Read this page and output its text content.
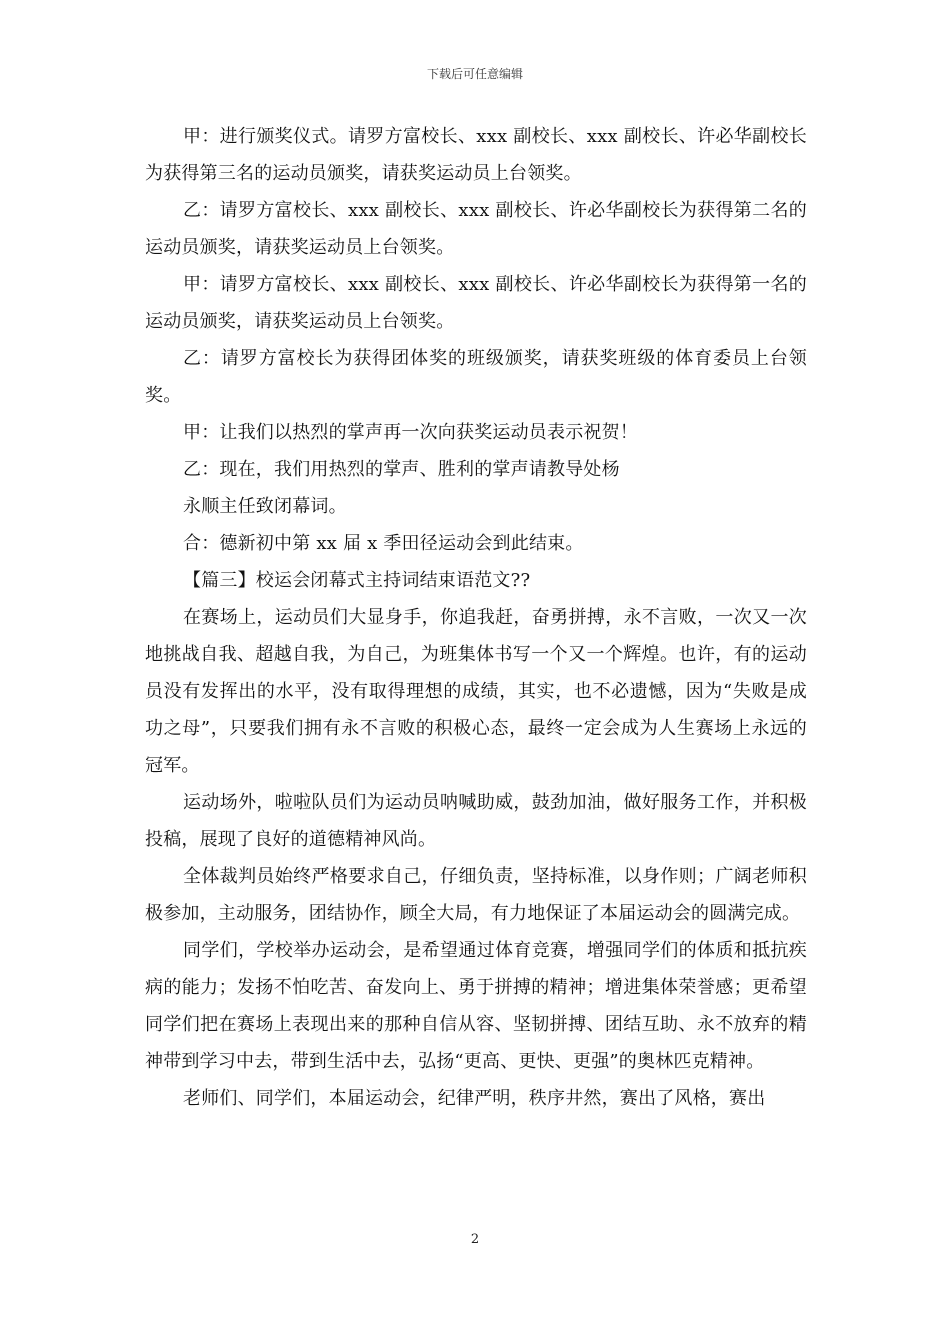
下载后可任意编辑

甲：进行颁奖仪式。请罗方富校长、xxx 副校长、xxx 副校长、许必华副校长为获得第三名的运动员颁奖，请获奖运动员上台领奖。

乙：请罗方富校长、xxx 副校长、xxx 副校长、许必华副校长为获得第二名的运动员颁奖，请获奖运动员上台领奖。

甲：请罗方富校长、xxx 副校长、xxx 副校长、许必华副校长为获得第一名的运动员颁奖，请获奖运动员上台领奖。

乙：请罗方富校长为获得团体奖的班级颁奖，请获奖班级的体育委员上台领奖。

甲：让我们以热烈的掌声再一次向获奖运动员表示祝贺！

乙：现在，我们用热烈的掌声、胜利的掌声请教导处杨

永顺主任致闭幕词。

合：德新初中第 xx 届 x 季田径运动会到此结束。

【篇三】校运会闭幕式主持词结束语范文??

在赛场上，运动员们大显身手，你追我赶，奋勇拼搏，永不言败，一次又一次地挑战自我、超越自我，为自己，为班集体书写一个又一个辉煌。也许，有的运动员没有发挥出的水平，没有取得理想的成绩，其实，也不必遗憾，因为“失败是成功之母”，只要我们拥有永不言败的积极心态，最终一定会成为人生赛场上永远的冠军。

运动场外，啦啦队员们为运动员呐喊助威，鼓劲加油，做好服务工作，并积极投稿，展现了良好的道德精神风尚。

全体裁判员始终严格要求自己，仔细负责，坚持标准，以身作则；广阔老师积极参加，主动服务，团结协作，顾全大局，有力地保证了本届运动会的圆满完成。

同学们，学校举办运动会，是希望通过体育竞赛，增强同学们的体质和抵抗疾病的能力；发扬不怕吃苦、奋发向上、勇于拼搏的精神；增进集体荣誉感；更希望同学们把在赛场上表现出来的那种自信从容、坚韧拼搏、团结互助、永不放弃的精神带到学习中去，带到生活中去，弘扬“更高、更快、更强”的奥林匹克精神。

老师们、同学们，本届运动会，纪律严明，秩序井然，赛出了风格，赛出

2
